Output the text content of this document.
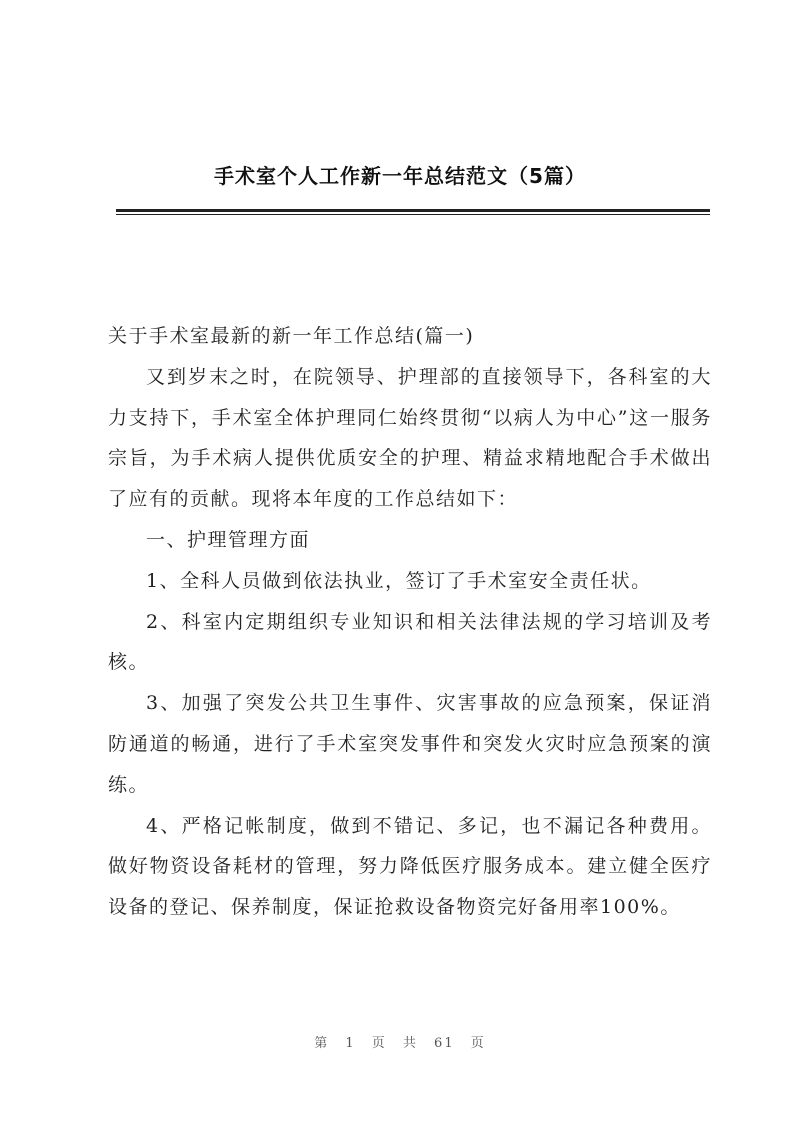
手术室个人工作新一年总结范文（5篇）

关于手术室最新的新一年工作总结(篇一)

又到岁末之时，在院领导、护理部的直接领导下，各科室的大力支持下，手术室全体护理同仁始终贯彻“以病人为中心”这一服务宗旨，为手术病人提供优质安全的护理、精益求精地配合手术做出了应有的贡献。现将本年度的工作总结如下：

一、护理管理方面

1、全科人员做到依法执业，签订了手术室安全责任状。

2、科室内定期组织专业知识和相关法律法规的学习培训及考核。

3、加强了突发公共卫生事件、灾害事故的应急预案，保证消防通道的畅通，进行了手术室突发事件和突发火灾时应急预案的演练。

4、严格记帐制度，做到不错记、多记，也不漏记各种费用。做好物资设备耗材的管理，努力降低医疗服务成本。建立健全医疗设备的登记、保养制度，保证抢救设备物资完好备用率100%。

第 1 页 共 61 页
